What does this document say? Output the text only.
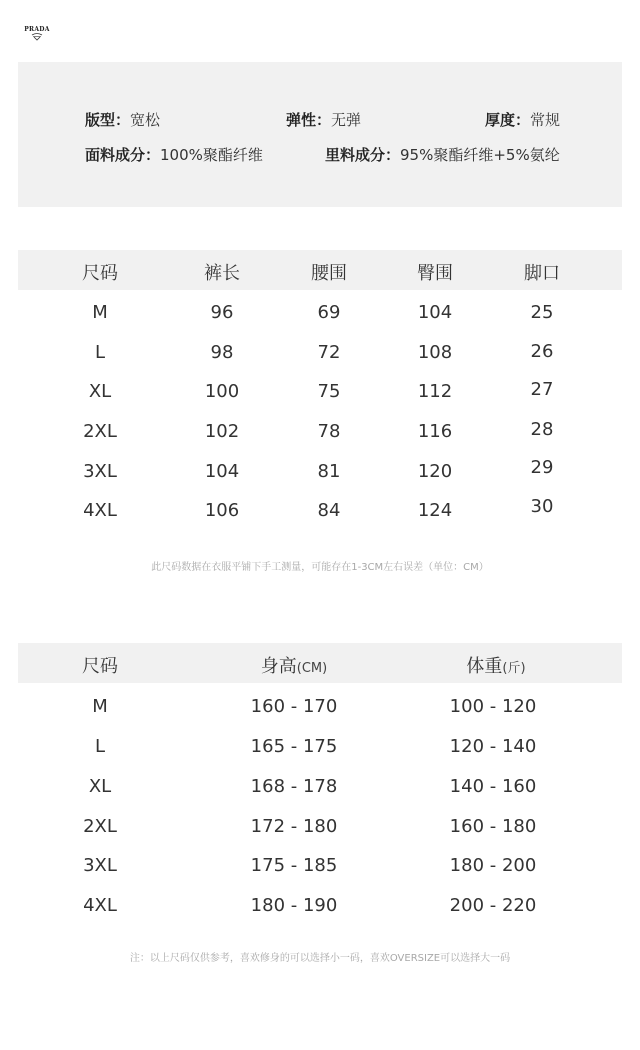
PRADA
版型：宽松	弹性：无弹	厚度：常规
面料成分：100%聚酯纤维	里料成分：95%聚酯纤维+5%氨纶
尺码	裤长	腰围	臀围	脚口
M	96	69	104	25
L	98	72	108	26
XL	100	75	112	27
2XL	102	78	116	28
3XL	104	81	120	29
4XL	106	84	124	30
此尺码数据在衣服平铺下手工测量，可能存在1-3CM左右误差（单位：CM）
尺码	身高(CM)	体重(斤)
M	160 - 170	100 - 120
L	165 - 175	120 - 140
XL	168 - 178	140 - 160
2XL	172 - 180	160 - 180
3XL	175 - 185	180 - 200
4XL	180 - 190	200 - 220
注：以上尺码仅供参考，喜欢修身的可以选择小一码，喜欢OVERSIZE可以选择大一码
